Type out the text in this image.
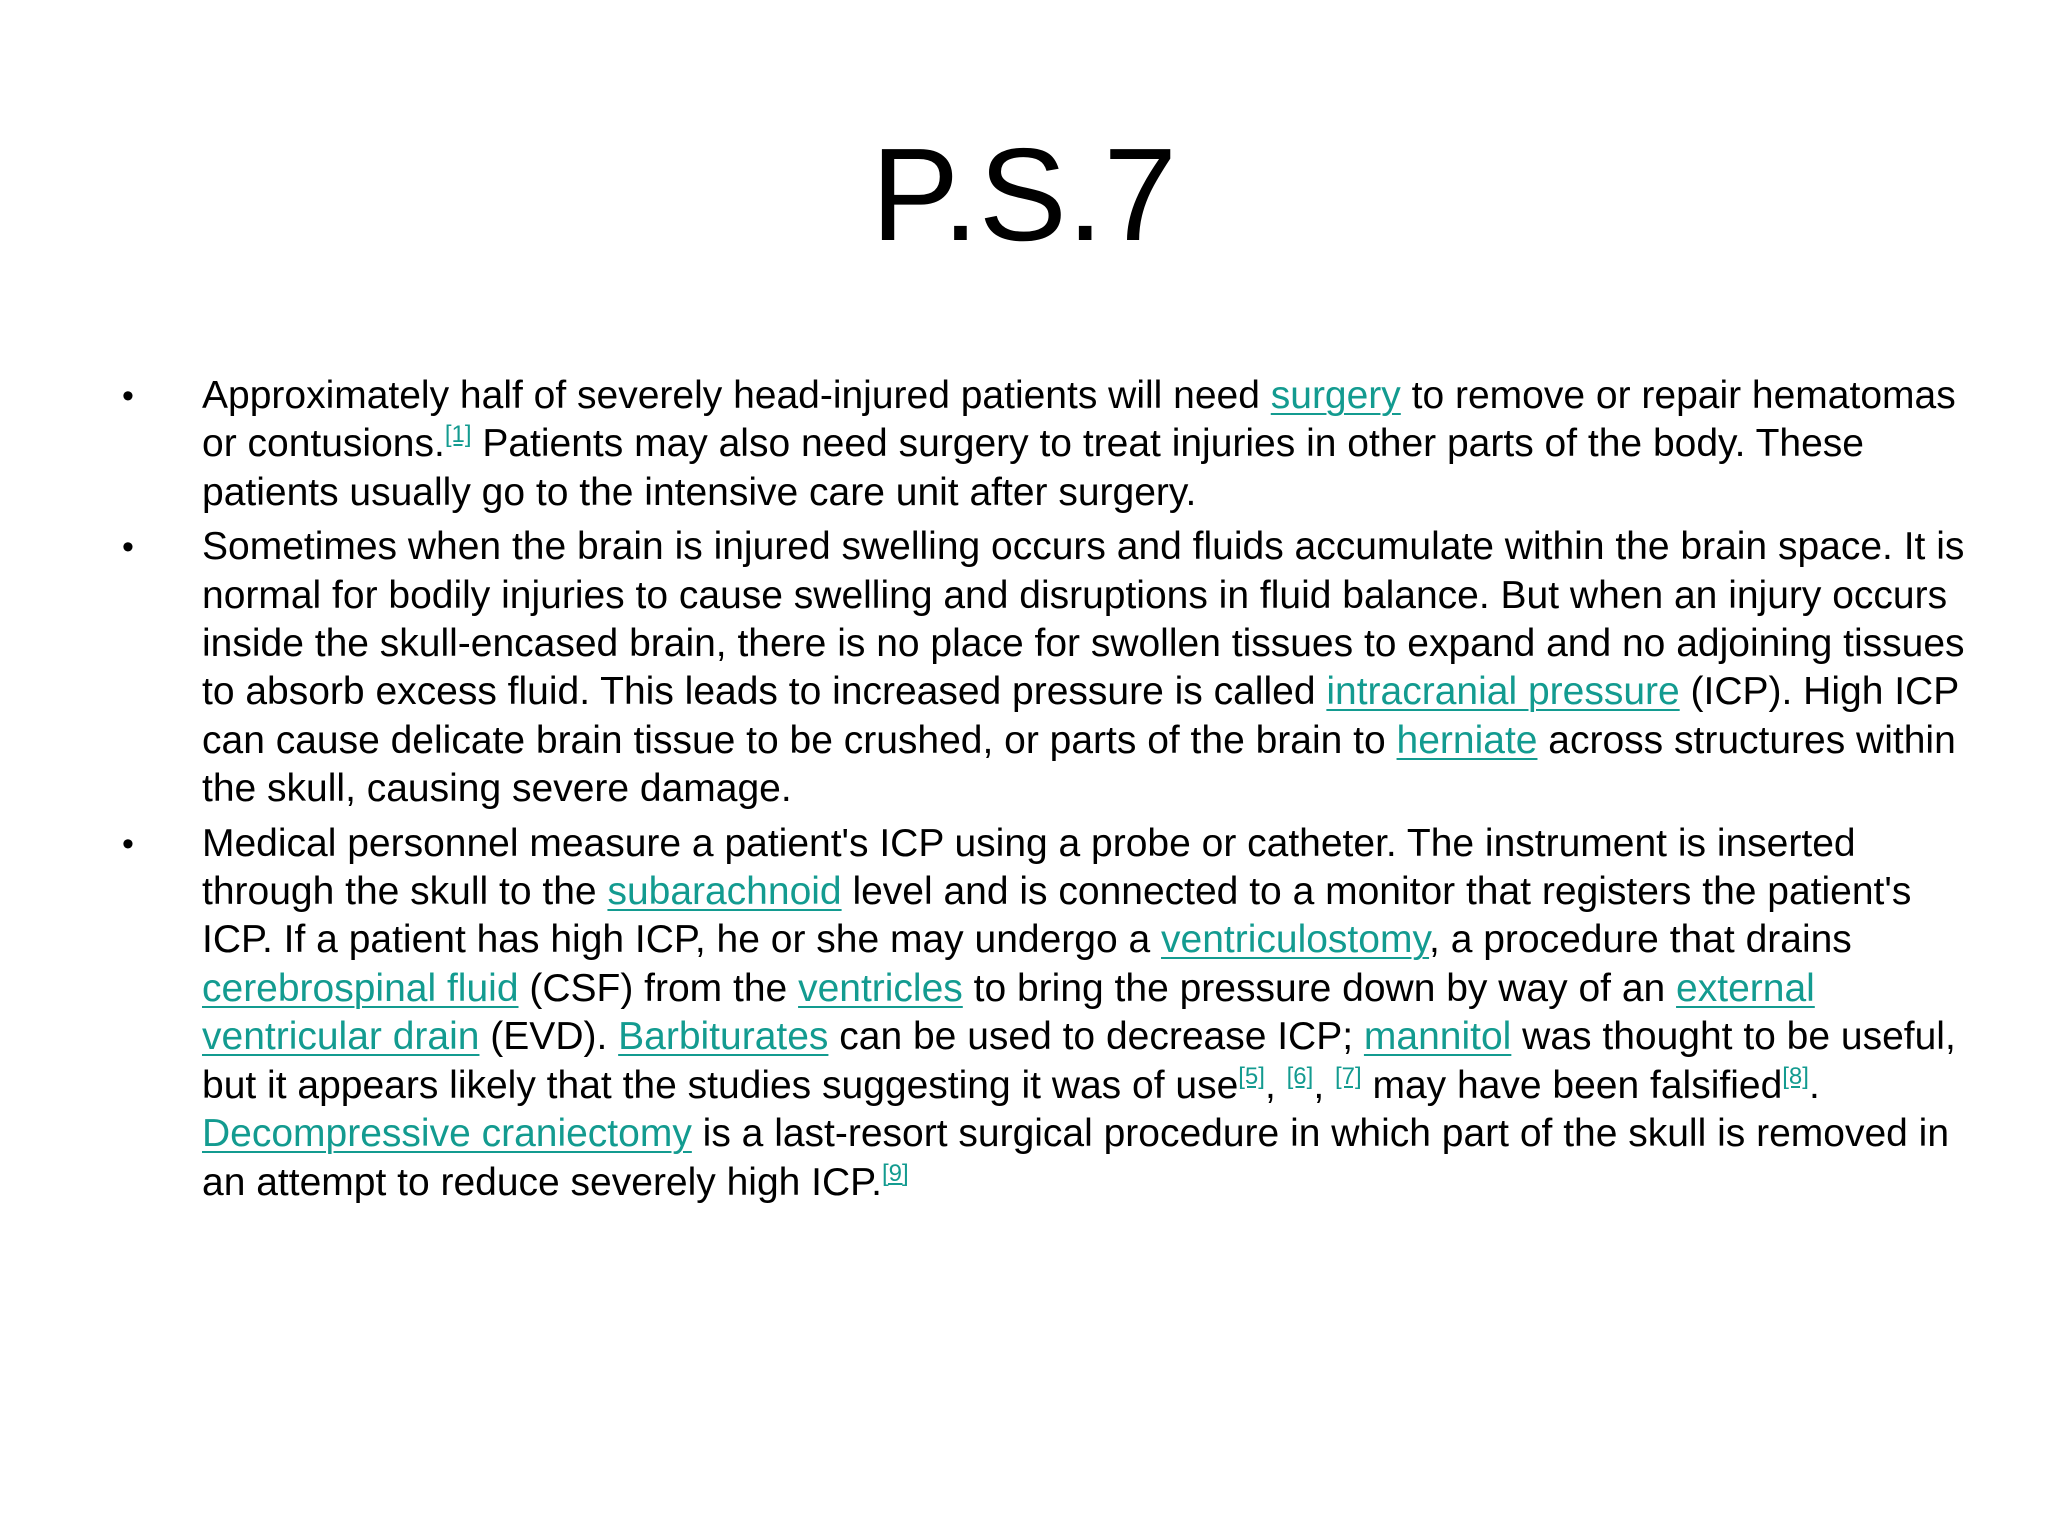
P.S.7
• Approximately half of severely head-injured patients will need surgery to remove or repair hematomas or contusions.[1] Patients may also need surgery to treat injuries in other parts of the body. These patients usually go to the intensive care unit after surgery.
• Sometimes when the brain is injured swelling occurs and fluids accumulate within the brain space. It is normal for bodily injuries to cause swelling and disruptions in fluid balance. But when an injury occurs inside the skull-encased brain, there is no place for swollen tissues to expand and no adjoining tissues to absorb excess fluid. This leads to increased pressure is called intracranial pressure (ICP). High ICP can cause delicate brain tissue to be crushed, or parts of the brain to herniate across structures within the skull, causing severe damage.
• Medical personnel measure a patient's ICP using a probe or catheter. The instrument is inserted through the skull to the subarachnoid level and is connected to a monitor that registers the patient's ICP. If a patient has high ICP, he or she may undergo a ventriculostomy, a procedure that drains cerebrospinal fluid (CSF) from the ventricles to bring the pressure down by way of an external ventricular drain (EVD). Barbiturates can be used to decrease ICP; mannitol was thought to be useful, but it appears likely that the studies suggesting it was of use[5], [6], [7] may have been falsified[8]. Decompressive craniectomy is a last-resort surgical procedure in which part of the skull is removed in an attempt to reduce severely high ICP.[9]
